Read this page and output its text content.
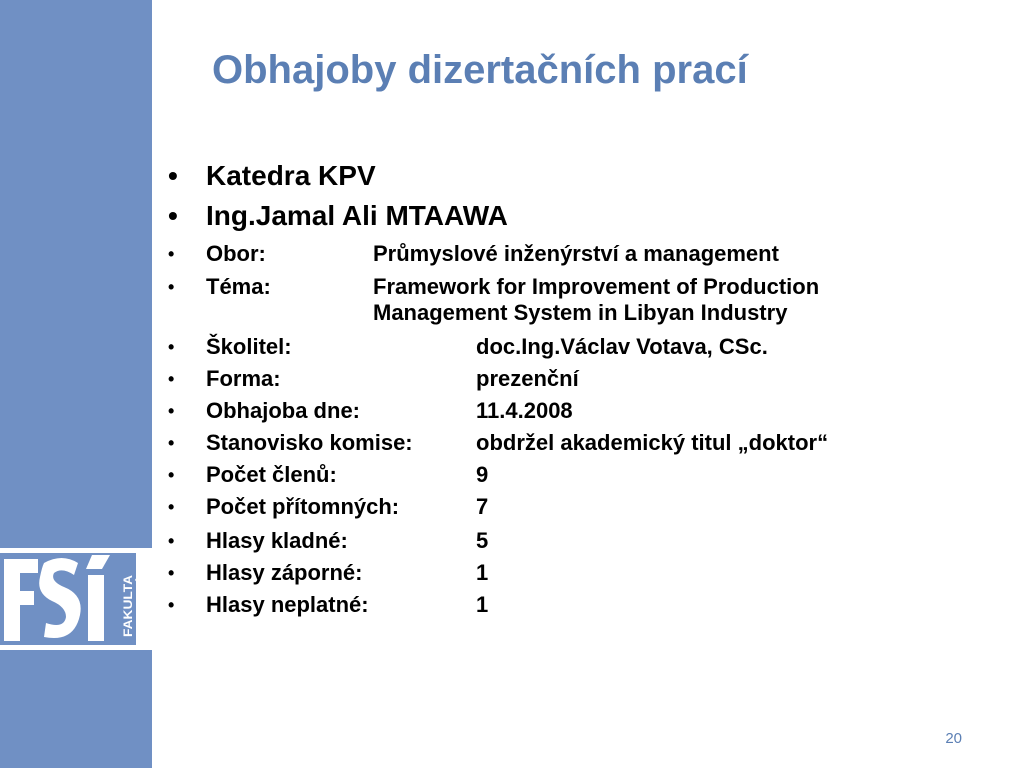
FAKULTA STROJNÍ
Obhajoby dizertačních prací
• Katedra KPV
• Ing.Jamal Ali MTAAWA
• Obor:	Průmyslové inženýrství a management
• Téma:	Framework for Improvement of Production
Management System in Libyan Industry
• Školitel:	doc.Ing.Václav Votava, CSc.
• Forma:	prezenční
• Obhajoba dne:	11.4.2008
• Stanovisko komise:	obdržel akademický titul „doktor“
• Počet členů:	9
• Počet přítomných:	7
• Hlasy kladné:	5
• Hlasy záporné:	1
• Hlasy neplatné:	1
20
